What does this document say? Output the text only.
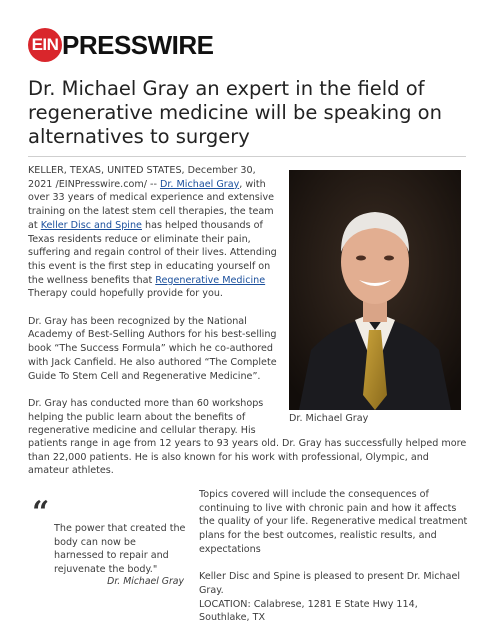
EIN PRESSWIRE
Dr. Michael Gray an expert in the field of regenerative medicine will be speaking on alternatives to surgery

KELLER, TEXAS, UNITED STATES, December 30, 2021 /EINPresswire.com/ -- Dr. Michael Gray, with over 33 years of medical experience and extensive training on the latest stem cell therapies, the team at Keller Disc and Spine has helped thousands of Texas residents reduce or eliminate their pain, suffering and regain control of their lives. Attending this event is the first step in educating yourself on the wellness benefits that Regenerative Medicine Therapy could hopefully provide for you.

Dr. Gray has been recognized by the National Academy of Best-Selling Authors for his best-selling book “The Success Formula” which he co-authored with Jack Canfield. He also authored “The Complete Guide To Stem Cell and Regenerative Medicine”.

Dr. Gray has conducted more than 60 workshops helping the public learn about the benefits of regenerative medicine and cellular therapy. His

patients range in age from 12 years to 93 years old. Dr. Gray has successfully helped more than 22,000 patients. He is also known for his work with professional, Olympic, and amateur athletes.
Dr. Michael Gray
“ The power that created the body can now be harnessed to repair and rejuvenate the body."
Dr. Michael Gray

Topics covered will include the consequences of continuing to live with chronic pain and how it affects the quality of your life. Regenerative medical treatment plans for the best outcomes, realistic results, and expectations

Keller Disc and Spine is pleased to present Dr. Michael Gray.
LOCATION: Calabrese, 1281 E State Hwy 114, Southlake, TX
